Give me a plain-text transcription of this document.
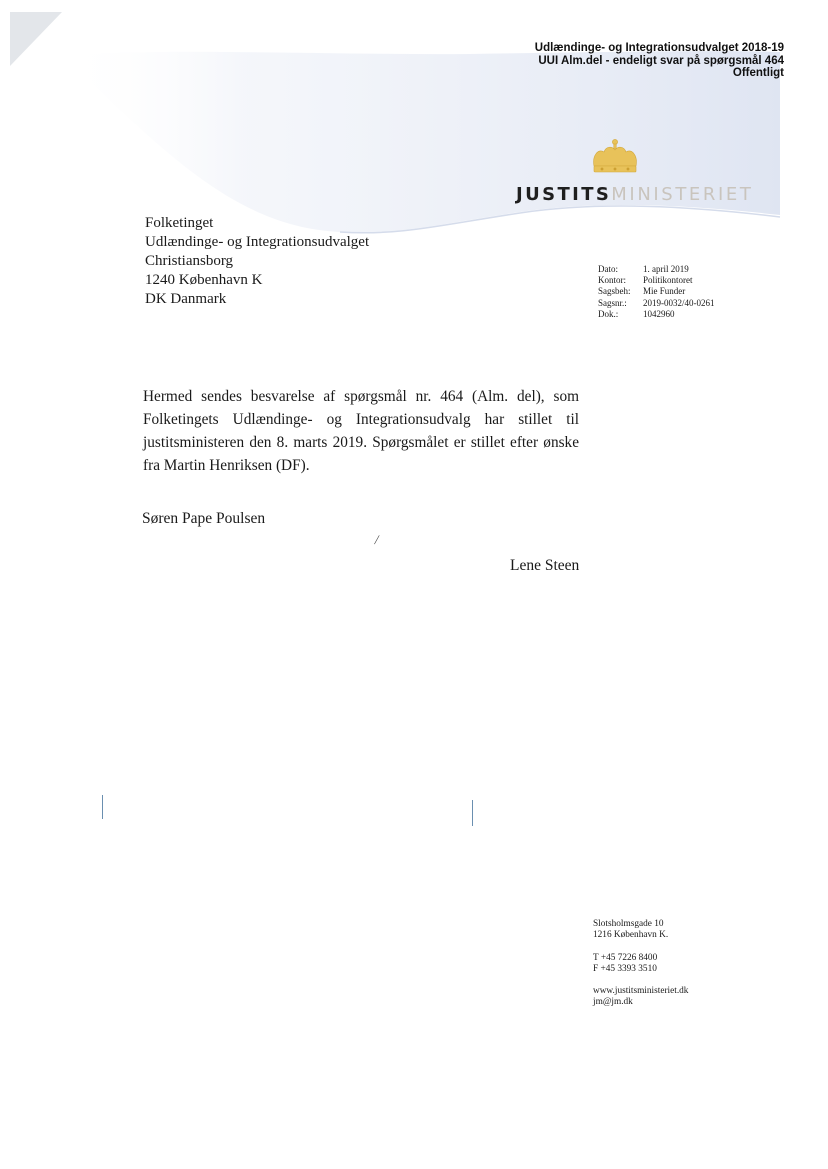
Udlændinge- og Integrationsudvalget 2018-19
UUI Alm.del - endeligt svar på spørgsmål 464
Offentligt
JUSTITSMINISTERIET
Folketinget
Udlændinge- og Integrationsudvalget
Christiansborg
1240 København K
DK Danmark
Dato:	1. april 2019
Kontor:	Politikontoret
Sagsbeh:	Mie Funder
Sagsnr.:	2019-0032/40-0261
Dok.:	1042960
Hermed sendes besvarelse af spørgsmål nr. 464 (Alm. del), som Folketingets Udlændinge- og Integrationsudvalg har stillet til justitsministeren den 8. marts 2019. Spørgsmålet er stillet efter ønske fra Martin Henriksen (DF).
Søren Pape Poulsen
/
Lene Steen
Slotsholmsgade 10
1216 København K.
T +45 7226 8400
F +45 3393 3510
www.justitsministeriet.dk
jm@jm.dk
